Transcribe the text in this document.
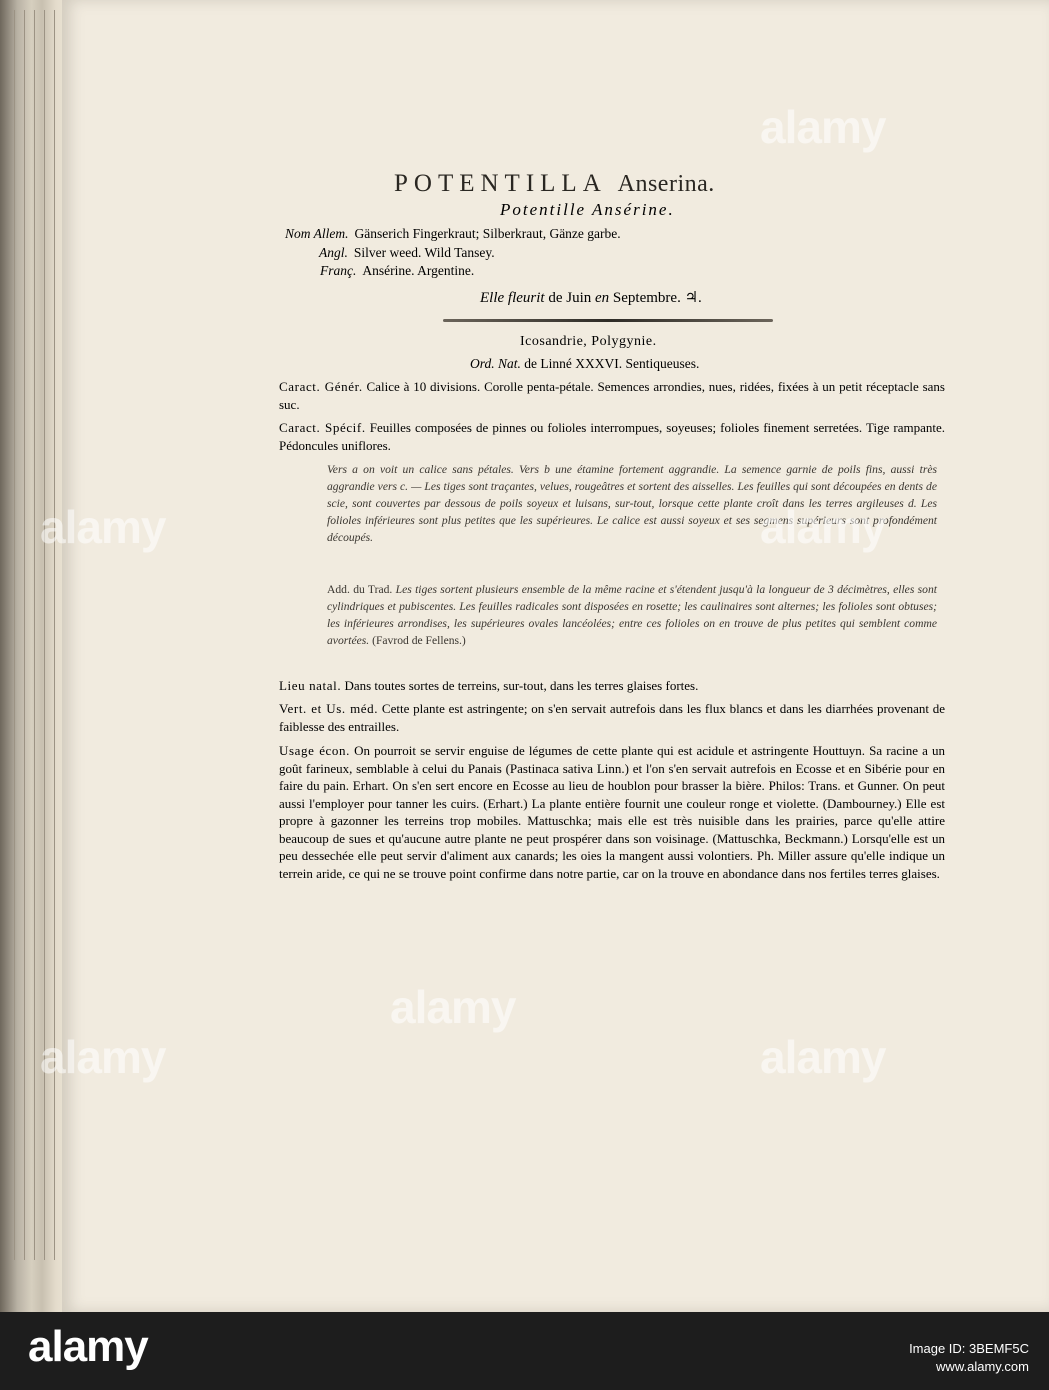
POTENTILLA Anserina.
Potentille Ansérine.
Nom Allem. Gänserich Fingerkraut; Silberkraut, Gänze garbe.
Angl. Silver weed. Wild Tansey.
Franç. Ansérine. Argentine.
Elle fleurit de Juin en Septembre. ♃.
Icosandrie, Polygynie.
Ord. Nat. de Linné XXXVI. Sentiqueuses.
Caract. Génér. Calice à 10 divisions. Corolle penta-pétale. Semences arrondies, nues, ridées, fixées à un petit réceptacle sans suc.
Caract. Spécif. Feuilles composées de pinnes ou folioles interrompues, soyeuses; folioles finement serretées. Tige rampante. Pédoncules uniflores.
Vers a on voit un calice sans pétales. Vers b une étamine fortement aggrandie. La semence garnie de poils fins, aussi très aggrandie vers c. — Les tiges sont traçantes, velues, rougeâtres et sortent des aisselles. Les feuilles qui sont découpées en dents de scie, sont couvertes par dessous de poils soyeux et luisans, sur-tout, lorsque cette plante croît dans les terres argileuses d. Les folioles inférieures sont plus petites que les supérieures. Le calice est aussi soyeux et ses segmens supérieurs sont profondément découpés.
Add. du Trad. Les tiges sortent plusieurs ensemble de la même racine et s'étendent jusqu'à la longueur de 3 décimètres, elles sont cylindriques et pubiscentes. Les feuilles radicales sont disposées en rosette; les caulinaires sont alternes; les folioles sont obtuses; les inférieures arrondises, les supérieures ovales lancéolées; entre ces folioles on en trouve de plus petites qui semblent comme avortées. (Favrod de Fellens.)
Lieu natal. Dans toutes sortes de terreins, sur-tout, dans les terres glaises fortes.
Vert. et Us. méd. Cette plante est astringente; on s'en servait autrefois dans les flux blancs et dans les diarrhées provenant de faiblesse des entrailles.
Usage écon. On pourroit se servir enguise de légumes de cette plante qui est acidule et astringente Houttuyn. Sa racine a un goût farineux, semblable à celui du Panais (Pastinaca sativa Linn.) et l'on s'en servait autrefois en Ecosse et en Sibérie pour en faire du pain. Erhart. On s'en sert encore en Ecosse au lieu de houblon pour brasser la bière. Philos: Trans. et Gunner. On peut aussi l'employer pour tanner les cuirs. (Erhart.) La plante entière fournit une couleur ronge et violette. (Dambourney.) Elle est propre à gazonner les terreins trop mobiles. Mattuschka; mais elle est très nuisible dans les prairies, parce qu'elle attire beaucoup de sues et qu'aucune autre plante ne peut prospérer dans son voisinage. (Mattuschka, Beckmann.) Lorsqu'elle est un peu dessechée elle peut servir d'aliment aux canards; les oies la mangent aussi volontiers. Ph. Miller assure qu'elle indique un terrein aride, ce qui ne se trouve point confirme dans notre partie, car on la trouve en abondance dans nos fertiles terres glaises.
alamy
alamy
alamy
alamy
alamy	alamy
alamy	Image ID: 3BEMF5C
www.alamy.com
